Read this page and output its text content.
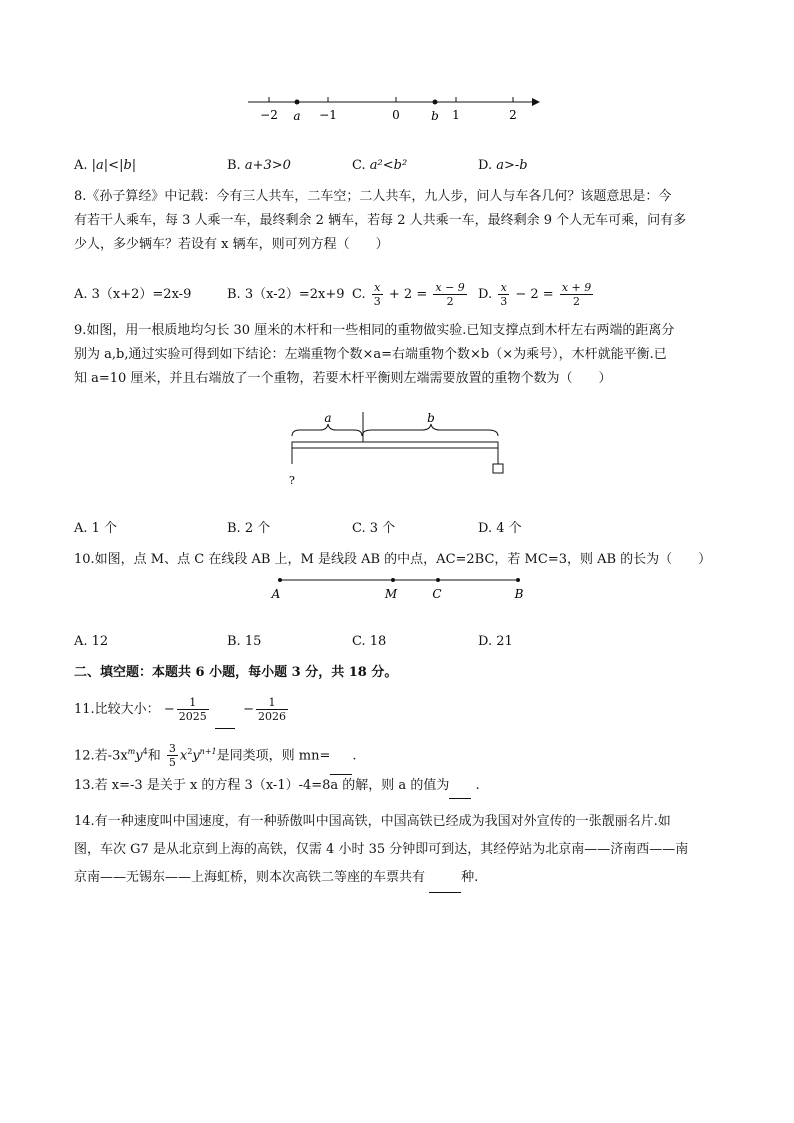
−2 a −1	0	b 1	2
A. |a|<|b|	B. a+3>0	C. a²<b²	D. a>-b

8.《孙子算经》中记载：今有三人共车，二车空；二人共车，九人步，问人与车各几何？该题意思是：今

有若干人乘车，每 3 人乘一车，最终剩余 2 辆车，若每 2 人共乘一车，最终剩余 9 个人无车可乘，问有多

少人，多少辆车？若设有 x 辆车，则可列方程（　　）

A. 3（x+2）=2x-9	B. 3（x-2）=2x+9 C. $\frac{x}{3} + 2 = \frac{x - 9}{2} D$. $\frac{x}{3} - 2 = \frac{x + 9}{2}$

9.如图，用一根质地均匀长 30 厘米的木杆和一些相同的重物做实验.已知支撑点到木杆左右两端的距离分

别为 a,b,通过实验可得到如下结论：左端重物个数×a=右端重物个数×b（×为乘号），木杆就能平衡.已

知 a=10 厘米，并且右端放了一个重物，若要木杆平衡则左端需要放置的重物个数为（　　）

a	b
?
A. 1 个	B. 2 个	C. 3 个	D. 4 个

10.如图，点 M、点 C 在线段 AB 上，M 是线段 AB 的中点，AC=2BC，若 MC=3，则 AB 的长为（　　）

A	M	C	B
A. 12	B. 15	C. 18	D. 21

二、填空题：本题共 6 小题，每小题 3 分，共 18 分。

11.比较大小： − $\frac{1}{2025} - \frac{1}{2026}$
12.若$-3x^my^4$和 $\frac{3}{5} x^2y^{n+1}$是同类项，则 mn= .

13.若 x=-3 是关于 x 的方程 3（x-1）-4=8a 的解，则 a 的值为 .

14.有一种速度叫中国速度，有一种骄傲叫中国高铁，中国高铁已经成为我国对外宣传的一张靓丽名片.如

图，车次 G7 是从北京到上海的高铁，仅需 4 小时 35 分钟即可到达，其经停站为北京南——济南西——南

京南——无锡东——上海虹桥，则本次高铁二等座的车票共有	种.
